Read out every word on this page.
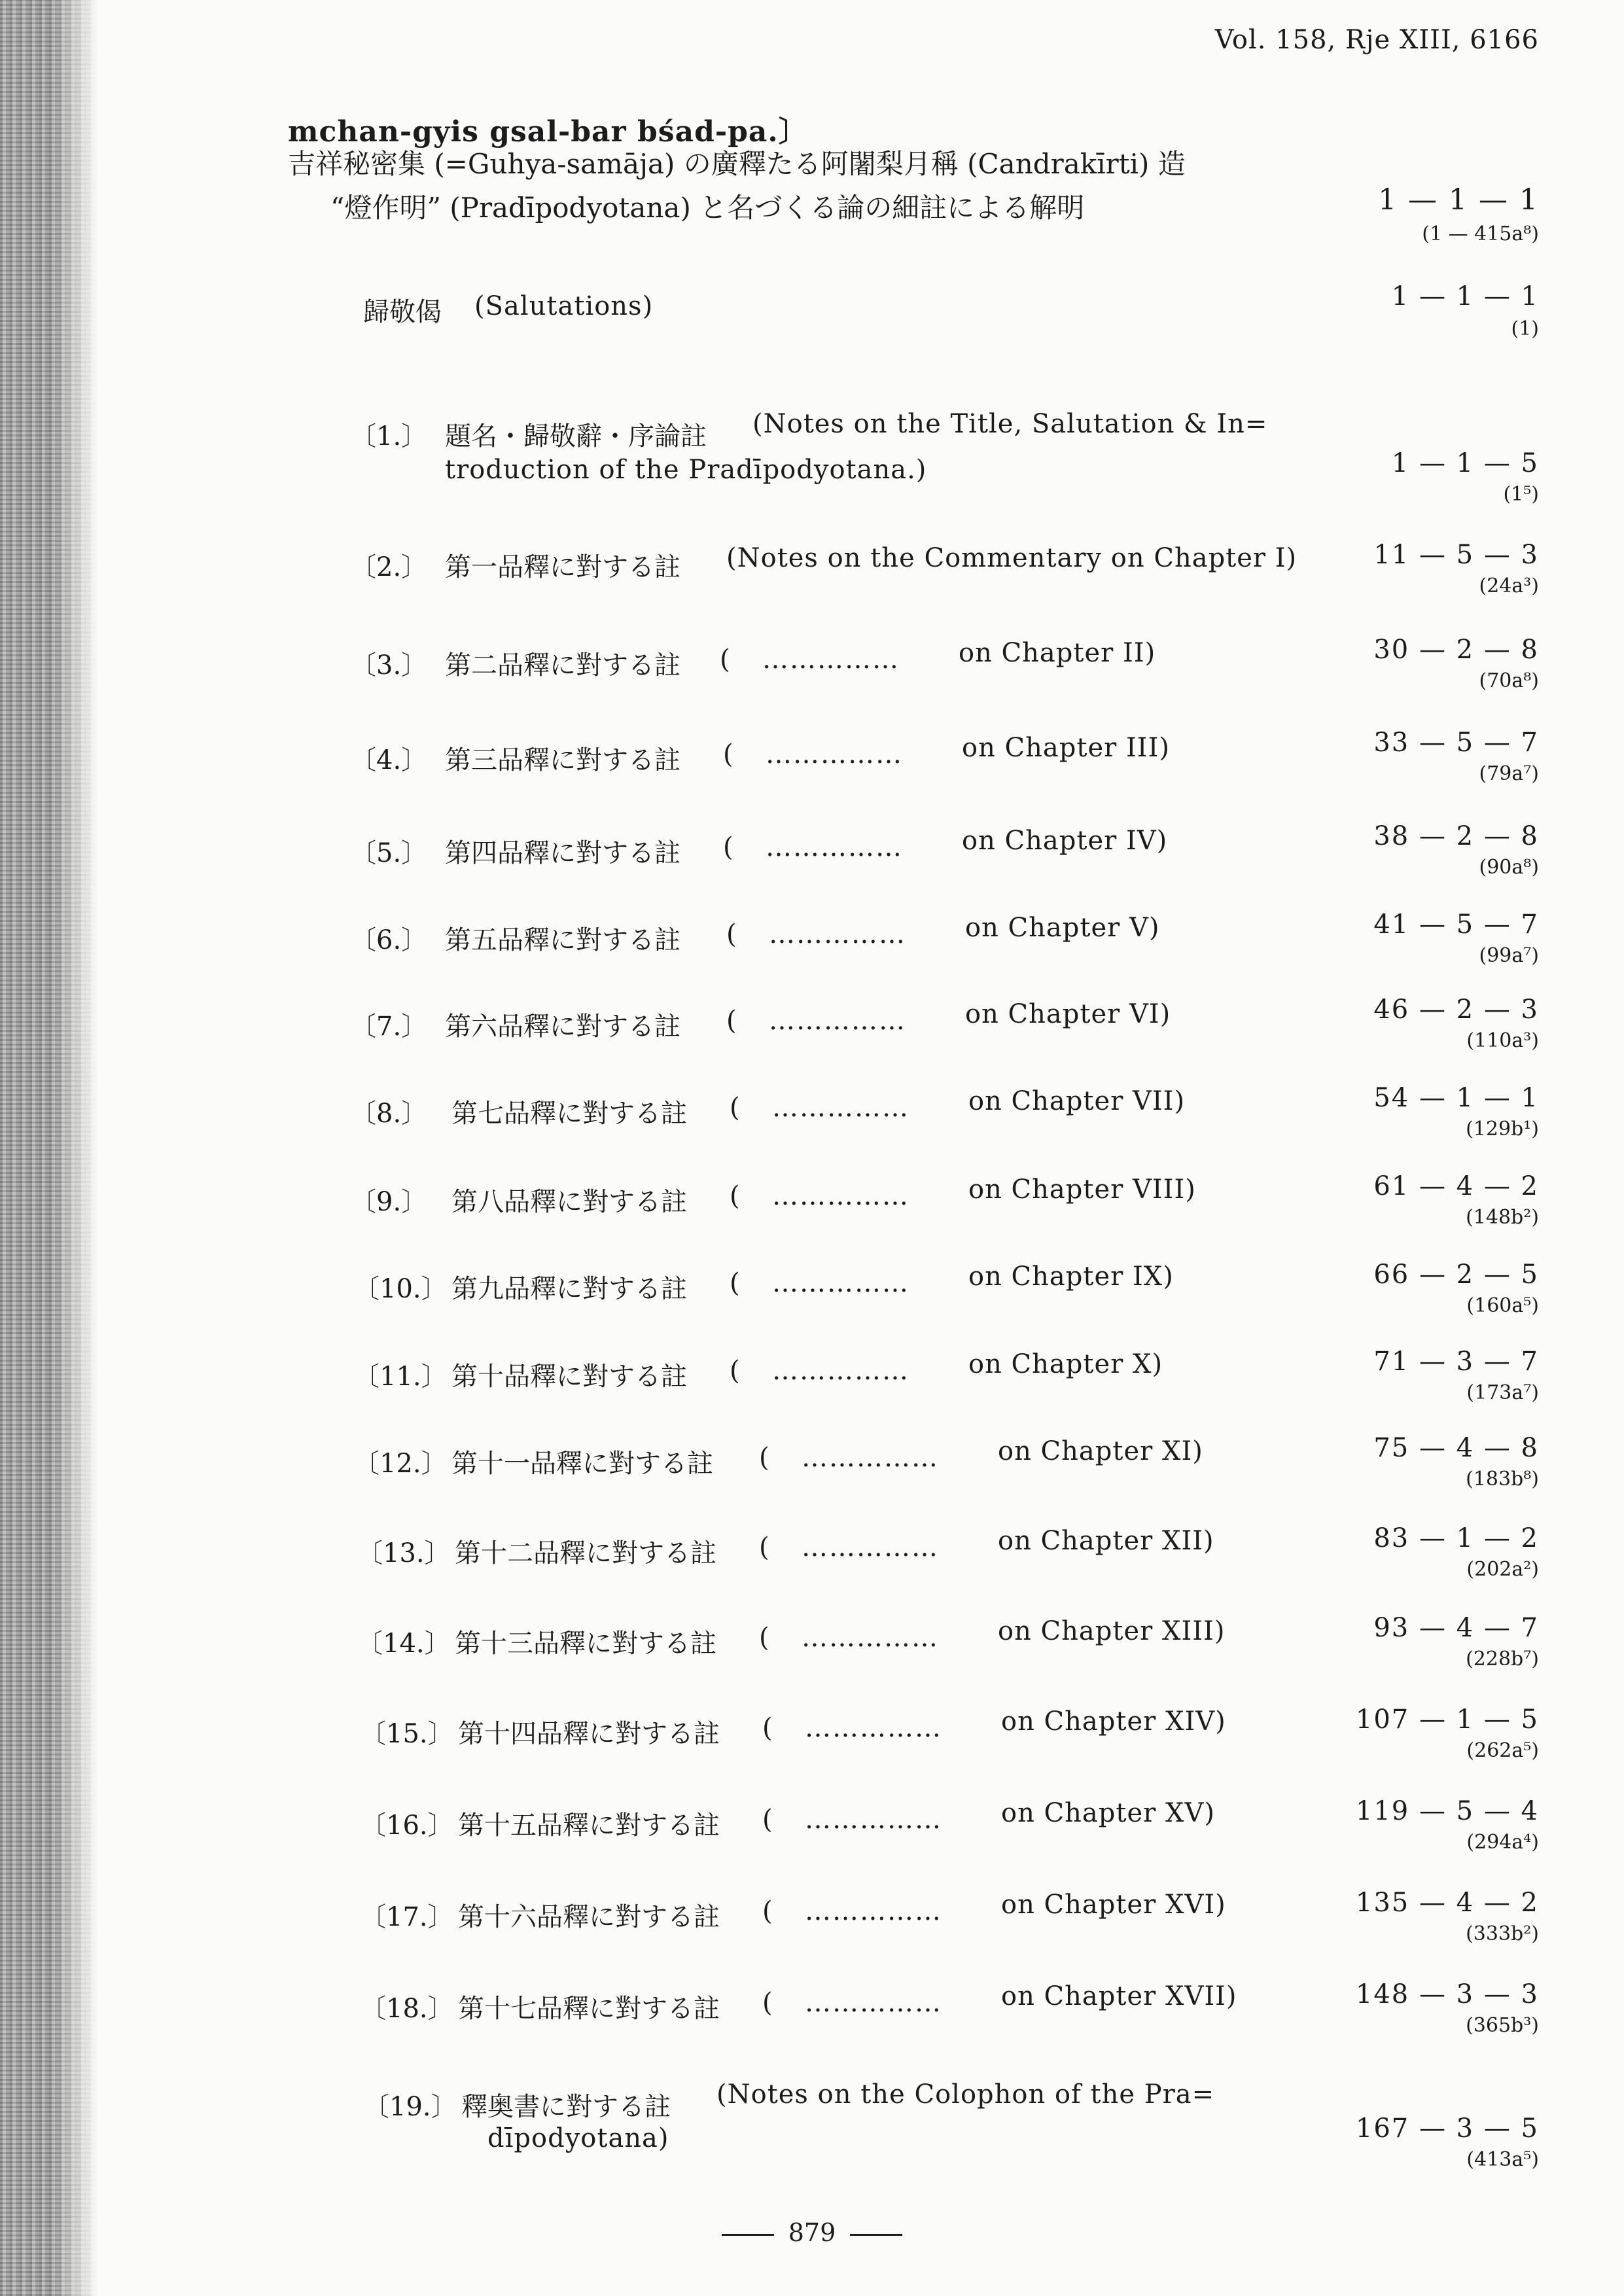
Vol. 158, Rje XIII, 6166
mchan-gyis gsal-bar bśad-pa.〕
吉祥秘密集 (=Guhya-samāja) の廣釋たる阿闍梨月稱 (Candrakīrti) 造
“燈作明” (Pradīpodyotana) と名づくる論の細註による解明	1 — 1 — 1
(1 — 415a⁸)
歸敬偈 (Salutations)	1 — 1 — 1
(1)
〔1.〕 題名・歸敬辭・序論註 (Notes on the Title, Salutation & In=
troduction of the Pradīpodyotana.)	1 — 1 — 5
(1⁵)
〔2.〕 第一品釋に對する註 (Notes on the Commentary on Chapter I)	11 — 5 — 3
(24a³)
〔3.〕 第二品釋に對する註 ( …………… on Chapter II)	30 — 2 — 8
(70a⁸)
〔4.〕 第三品釋に對する註 ( …………… on Chapter III)	33 — 5 — 7
(79a⁷)
〔5.〕 第四品釋に對する註 ( …………… on Chapter IV)	38 — 2 — 8
(90a⁸)
〔6.〕 第五品釋に對する註 ( …………… on Chapter V)	41 — 5 — 7
(99a⁷)
〔7.〕 第六品釋に對する註 ( …………… on Chapter VI)	46 — 2 — 3
(110a³)
〔8.〕 第七品釋に對する註 ( …………… on Chapter VII)	54 — 1 — 1
(129b¹)
〔9.〕 第八品釋に對する註 ( …………… on Chapter VIII)	61 — 4 — 2
(148b²)
〔10.〕 第九品釋に對する註 ( …………… on Chapter IX)	66 — 2 — 5
(160a⁵)
〔11.〕 第十品釋に對する註 ( …………… on Chapter X)	71 — 3 — 7
(173a⁷)
〔12.〕 第十一品釋に對する註 ( …………… on Chapter XI)	75 — 4 — 8
(183b⁸)
〔13.〕 第十二品釋に對する註 ( …………… on Chapter XII)	83 — 1 — 2
(202a²)
〔14.〕 第十三品釋に對する註 ( …………… on Chapter XIII)	93 — 4 — 7
(228b⁷)
〔15.〕 第十四品釋に對する註 ( …………… on Chapter XIV)	107 — 1 — 5
(262a⁵)
〔16.〕 第十五品釋に對する註 ( …………… on Chapter XV)	119 — 5 — 4
(294a⁴)
〔17.〕 第十六品釋に對する註 ( …………… on Chapter XVI)	135 — 4 — 2
(333b²)
〔18.〕 第十七品釋に對する註 ( …………… on Chapter XVII)	148 — 3 — 3
(365b³)
〔19.〕 釋奥書に對する註 (Notes on the Colophon of the Pra=
dīpodyotana)	167 — 3 — 5
(413a⁵)
879
